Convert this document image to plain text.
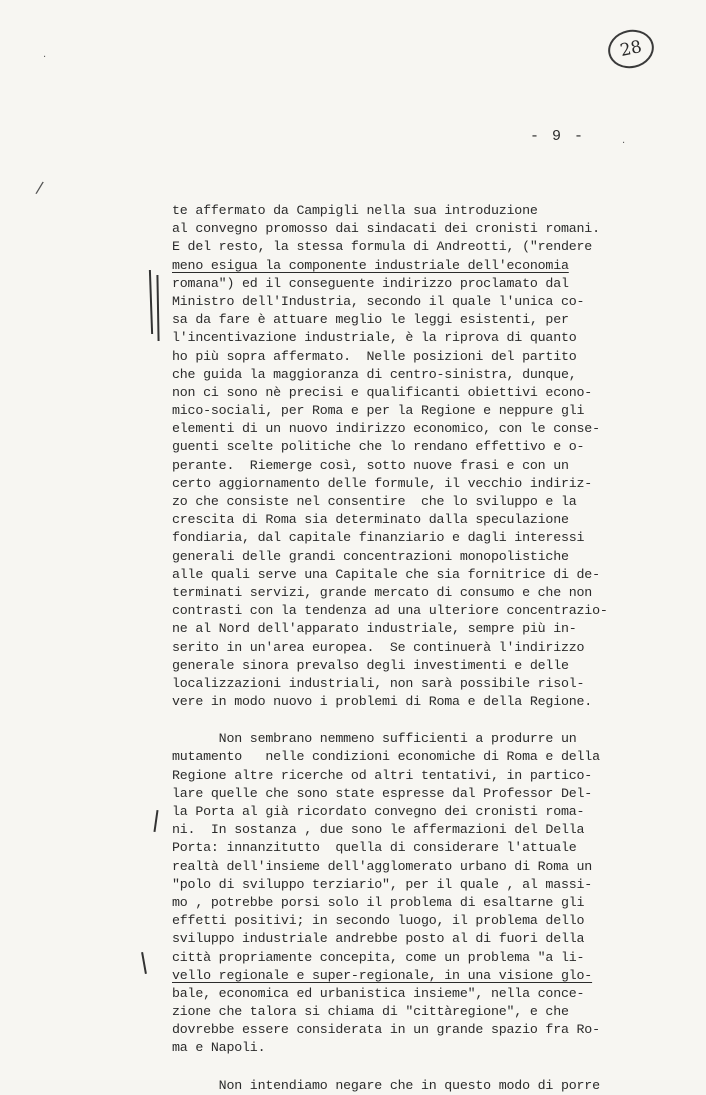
/
·
·
28
- 9 -
te affermato da Campigli nella sua introduzione
al convegno promosso dai sindacati dei cronisti romani.
E del resto, la stessa formula di Andreotti, ("rendere
meno esigua la componente industriale dell'economia
romana") ed il conseguente indirizzo proclamato dal
Ministro dell'Industria, secondo il quale l'unica co-
sa da fare è attuare meglio le leggi esistenti, per
l'incentivazione industriale, è la riprova di quanto
ho più sopra affermato.  Nelle posizioni del partito
che guida la maggioranza di centro-sinistra, dunque,
non ci sono nè precisi e qualificanti obiettivi econo-
mico-sociali, per Roma e per la Regione e neppure gli
elementi di un nuovo indirizzo economico, con le conse-
guenti scelte politiche che lo rendano effettivo e o-
perante.  Riemerge così, sotto nuove frasi e con un
certo aggiornamento delle formule, il vecchio indiriz-
zo che consiste nel consentire  che lo sviluppo e la
crescita di Roma sia determinato dalla speculazione
fondiaria, dal capitale finanziario e dagli interessi
generali delle grandi concentrazioni monopolistiche
alle quali serve una Capitale che sia fornitrice di de-
terminati servizi, grande mercato di consumo e che non
contrasti con la tendenza ad una ulteriore concentrazio-
ne al Nord dell'apparato industriale, sempre più in-
serito in un'area europea.  Se continuerà l'indirizzo
generale sinora prevalso degli investimenti e delle
localizzazioni industriali, non sarà possibile risol-
vere in modo nuovo i problemi di Roma e della Regione.
Non sembrano nemmeno sufficienti a produrre un
mutamento   nelle condizioni economiche di Roma e della
Regione altre ricerche od altri tentativi, in partico-
lare quelle che sono state espresse dal Professor Del-
la Porta al già ricordato convegno dei cronisti roma-
ni.  In sostanza , due sono le affermazioni del Della
Porta: innanzitutto  quella di considerare l'attuale
realtà dell'insieme dell'agglomerato urbano di Roma un
"polo di sviluppo terziario", per il quale , al massi-
mo , potrebbe porsi solo il problema di esaltarne gli
effetti positivi; in secondo luogo, il problema dello
sviluppo industriale andrebbe posto al di fuori della
città propriamente concepita, come un problema "a li-
vello regionale e super-regionale, in una visione glo-
bale, economica ed urbanistica insieme", nella conce-
zione che talora si chiama di "cittàregione", e che
dovrebbe essere considerata in un grande spazio fra Ro-
ma e Napoli.
Non intendiamo negare che in questo modo di porre
